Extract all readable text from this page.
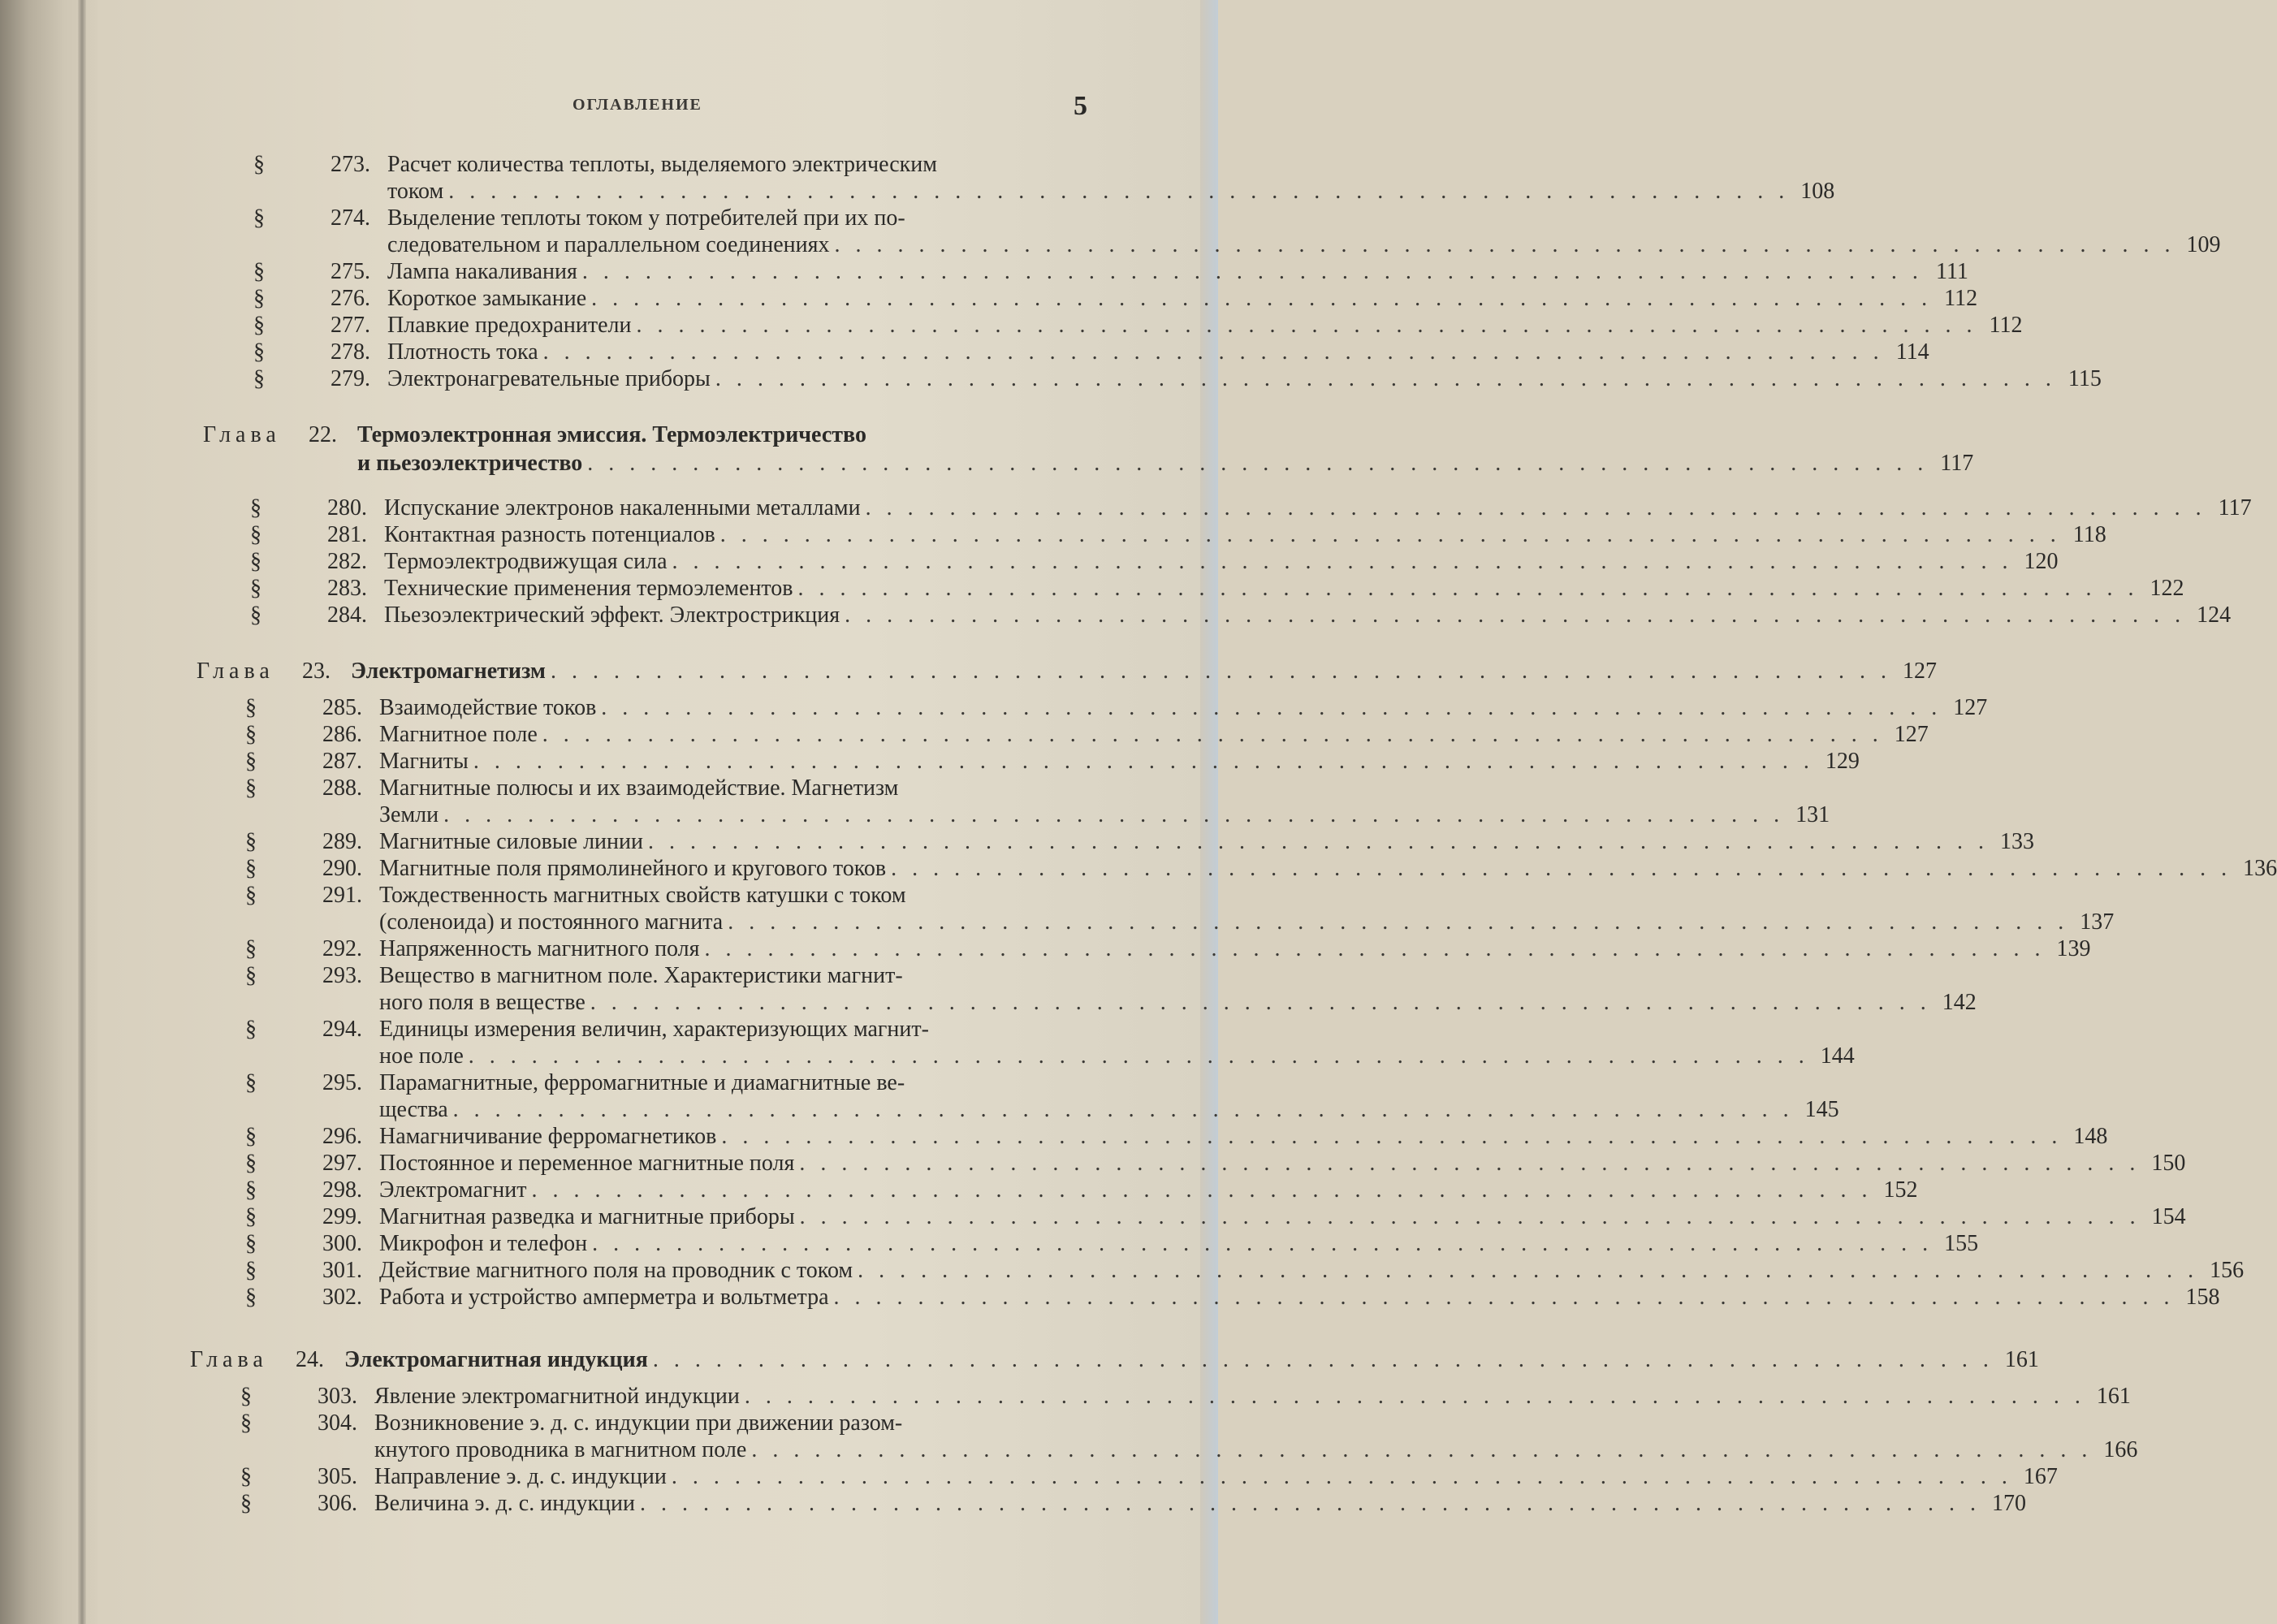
ОГЛАВЛЕНИЕ	5
§	273. Расчет количества теплоты, выделяемого электрическим
током . . . . . . . . . . . . . . . . . . . . . . . . . . . . . . . . . . . . . . . . . . . . . . . . . . . . . . . . . . . . . . . . 108
§	274. Выделение теплоты током у потребителей при их по-
следовательном и параллельном соединениях . . . . . . . . . . . . . . . . . . . . . . . . . . . . . . . . . . . . . . . . . . . . . . . . . . . . . . . . . . . . . . . . 109
§	275. Лампа накаливания . . . . . . . . . . . . . . . . . . . . . . . . . . . . . . . . . . . . . . . . . . . . . . . . . . . . . . . . . . . . . . . . 111
§	276. Короткое замыкание . . . . . . . . . . . . . . . . . . . . . . . . . . . . . . . . . . . . . . . . . . . . . . . . . . . . . . . . . . . . . . . . 112
§	277. Плавкие предохранители . . . . . . . . . . . . . . . . . . . . . . . . . . . . . . . . . . . . . . . . . . . . . . . . . . . . . . . . . . . . . . . . 112
§	278. Плотность тока . . . . . . . . . . . . . . . . . . . . . . . . . . . . . . . . . . . . . . . . . . . . . . . . . . . . . . . . . . . . . . . . 114
§	279. Электронагревательные приборы . . . . . . . . . . . . . . . . . . . . . . . . . . . . . . . . . . . . . . . . . . . . . . . . . . . . . . . . . . . . . . . . 115
Глава	22. Термоэлектронная эмиссия. Термоэлектричество
и пьезоэлектричество . . . . . . . . . . . . . . . . . . . . . . . . . . . . . . . . . . . . . . . . . . . . . . . . . . . . . . . . . . . . . . . . 117
§	280. Испускание электронов накаленными металлами . . . . . . . . . . . . . . . . . . . . . . . . . . . . . . . . . . . . . . . . . . . . . . . . . . . . . . . . . . . . . . . . 117
§	281. Контактная разность потенциалов . . . . . . . . . . . . . . . . . . . . . . . . . . . . . . . . . . . . . . . . . . . . . . . . . . . . . . . . . . . . . . . . 118
§	282. Термоэлектродвижущая сила . . . . . . . . . . . . . . . . . . . . . . . . . . . . . . . . . . . . . . . . . . . . . . . . . . . . . . . . . . . . . . . . 120
§	283. Технические применения термоэлементов . . . . . . . . . . . . . . . . . . . . . . . . . . . . . . . . . . . . . . . . . . . . . . . . . . . . . . . . . . . . . . . . 122
§	284. Пьезоэлектрический эффект. Электрострикция . . . . . . . . . . . . . . . . . . . . . . . . . . . . . . . . . . . . . . . . . . . . . . . . . . . . . . . . . . . . . . . . 124
Глава	23. Электромагнетизм . . . . . . . . . . . . . . . . . . . . . . . . . . . . . . . . . . . . . . . . . . . . . . . . . . . . . . . . . . . . . . . . 127
§	285. Взаимодействие токов . . . . . . . . . . . . . . . . . . . . . . . . . . . . . . . . . . . . . . . . . . . . . . . . . . . . . . . . . . . . . . . . 127
§	286. Магнитное поле . . . . . . . . . . . . . . . . . . . . . . . . . . . . . . . . . . . . . . . . . . . . . . . . . . . . . . . . . . . . . . . . 127
§	287. Магниты . . . . . . . . . . . . . . . . . . . . . . . . . . . . . . . . . . . . . . . . . . . . . . . . . . . . . . . . . . . . . . . . 129
§	288. Магнитные полюсы и их взаимодействие. Магнетизм
Земли . . . . . . . . . . . . . . . . . . . . . . . . . . . . . . . . . . . . . . . . . . . . . . . . . . . . . . . . . . . . . . . . 131
§	289. Магнитные силовые линии . . . . . . . . . . . . . . . . . . . . . . . . . . . . . . . . . . . . . . . . . . . . . . . . . . . . . . . . . . . . . . . . 133
§	290. Магнитные поля прямолинейного и кругового токов . . . . . . . . . . . . . . . . . . . . . . . . . . . . . . . . . . . . . . . . . . . . . . . . . . . . . . . . . . . . . . . . 136
§	291. Тождественность магнитных свойств катушки с током
(соленоида) и постоянного магнита . . . . . . . . . . . . . . . . . . . . . . . . . . . . . . . . . . . . . . . . . . . . . . . . . . . . . . . . . . . . . . . . 137
§	292. Напряженность магнитного поля . . . . . . . . . . . . . . . . . . . . . . . . . . . . . . . . . . . . . . . . . . . . . . . . . . . . . . . . . . . . . . . . 139
§	293. Вещество в магнитном поле. Характеристики магнит-
ного поля в веществе . . . . . . . . . . . . . . . . . . . . . . . . . . . . . . . . . . . . . . . . . . . . . . . . . . . . . . . . . . . . . . . . 142
§	294. Единицы измерения величин, характеризующих магнит-
ное поле . . . . . . . . . . . . . . . . . . . . . . . . . . . . . . . . . . . . . . . . . . . . . . . . . . . . . . . . . . . . . . . . 144
§	295. Парамагнитные, ферромагнитные и диамагнитные ве-
щества . . . . . . . . . . . . . . . . . . . . . . . . . . . . . . . . . . . . . . . . . . . . . . . . . . . . . . . . . . . . . . . . 145
§	296. Намагничивание ферромагнетиков . . . . . . . . . . . . . . . . . . . . . . . . . . . . . . . . . . . . . . . . . . . . . . . . . . . . . . . . . . . . . . . . 148
§	297. Постоянное и переменное магнитные поля . . . . . . . . . . . . . . . . . . . . . . . . . . . . . . . . . . . . . . . . . . . . . . . . . . . . . . . . . . . . . . . . 150
§	298. Электромагнит . . . . . . . . . . . . . . . . . . . . . . . . . . . . . . . . . . . . . . . . . . . . . . . . . . . . . . . . . . . . . . . . 152
§	299. Магнитная разведка и магнитные приборы . . . . . . . . . . . . . . . . . . . . . . . . . . . . . . . . . . . . . . . . . . . . . . . . . . . . . . . . . . . . . . . . 154
§	300. Микрофон и телефон . . . . . . . . . . . . . . . . . . . . . . . . . . . . . . . . . . . . . . . . . . . . . . . . . . . . . . . . . . . . . . . . 155
§	301. Действие магнитного поля на проводник с током . . . . . . . . . . . . . . . . . . . . . . . . . . . . . . . . . . . . . . . . . . . . . . . . . . . . . . . . . . . . . . . . 156
§	302. Работа и устройство амперметра и вольтметра . . . . . . . . . . . . . . . . . . . . . . . . . . . . . . . . . . . . . . . . . . . . . . . . . . . . . . . . . . . . . . . . 158
Глава	24. Электромагнитная индукция . . . . . . . . . . . . . . . . . . . . . . . . . . . . . . . . . . . . . . . . . . . . . . . . . . . . . . . . . . . . . . . . 161
§	303. Явление электромагнитной индукции . . . . . . . . . . . . . . . . . . . . . . . . . . . . . . . . . . . . . . . . . . . . . . . . . . . . . . . . . . . . . . . . 161
§	304. Возникновение э. д. с. индукции при движении разом-
кнутого проводника в магнитном поле . . . . . . . . . . . . . . . . . . . . . . . . . . . . . . . . . . . . . . . . . . . . . . . . . . . . . . . . . . . . . . . . 166
§	305. Направление э. д. с. индукции . . . . . . . . . . . . . . . . . . . . . . . . . . . . . . . . . . . . . . . . . . . . . . . . . . . . . . . . . . . . . . . . 167
§	306. Величина э. д. с. индукции . . . . . . . . . . . . . . . . . . . . . . . . . . . . . . . . . . . . . . . . . . . . . . . . . . . . . . . . . . . . . . . . 170
